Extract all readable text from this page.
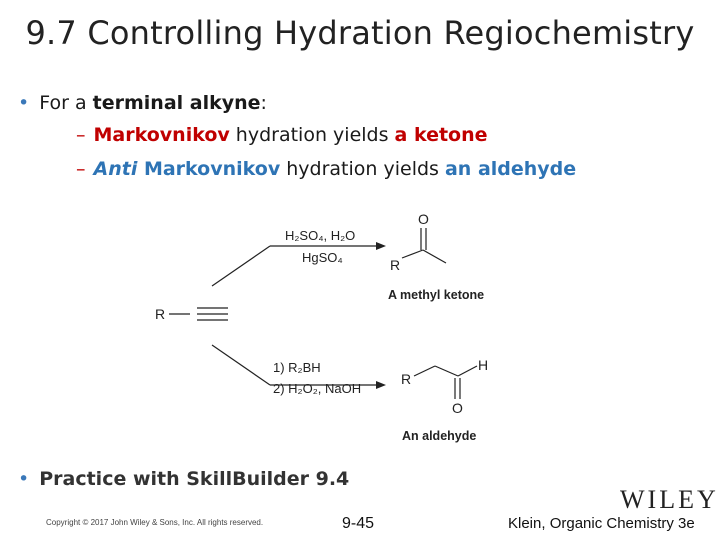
9.7 Controlling Hydration Regiochemistry

• For a terminal alkyne:

– Markovnikov hydration yields a ketone
– Anti Markovnikov hydration yields an aldehyde
R
H₂SO₄, H₂O
HgSO₄
O
R
A methyl ketone
1) R₂BH
2) H₂O₂, NaOH
R
H
O
An aldehyde
• Practice with SkillBuilder 9.4
Copyright © 2017 John Wiley & Sons, Inc. All rights reserved.	9-45
WILEY
Klein, Organic Chemistry 3e
